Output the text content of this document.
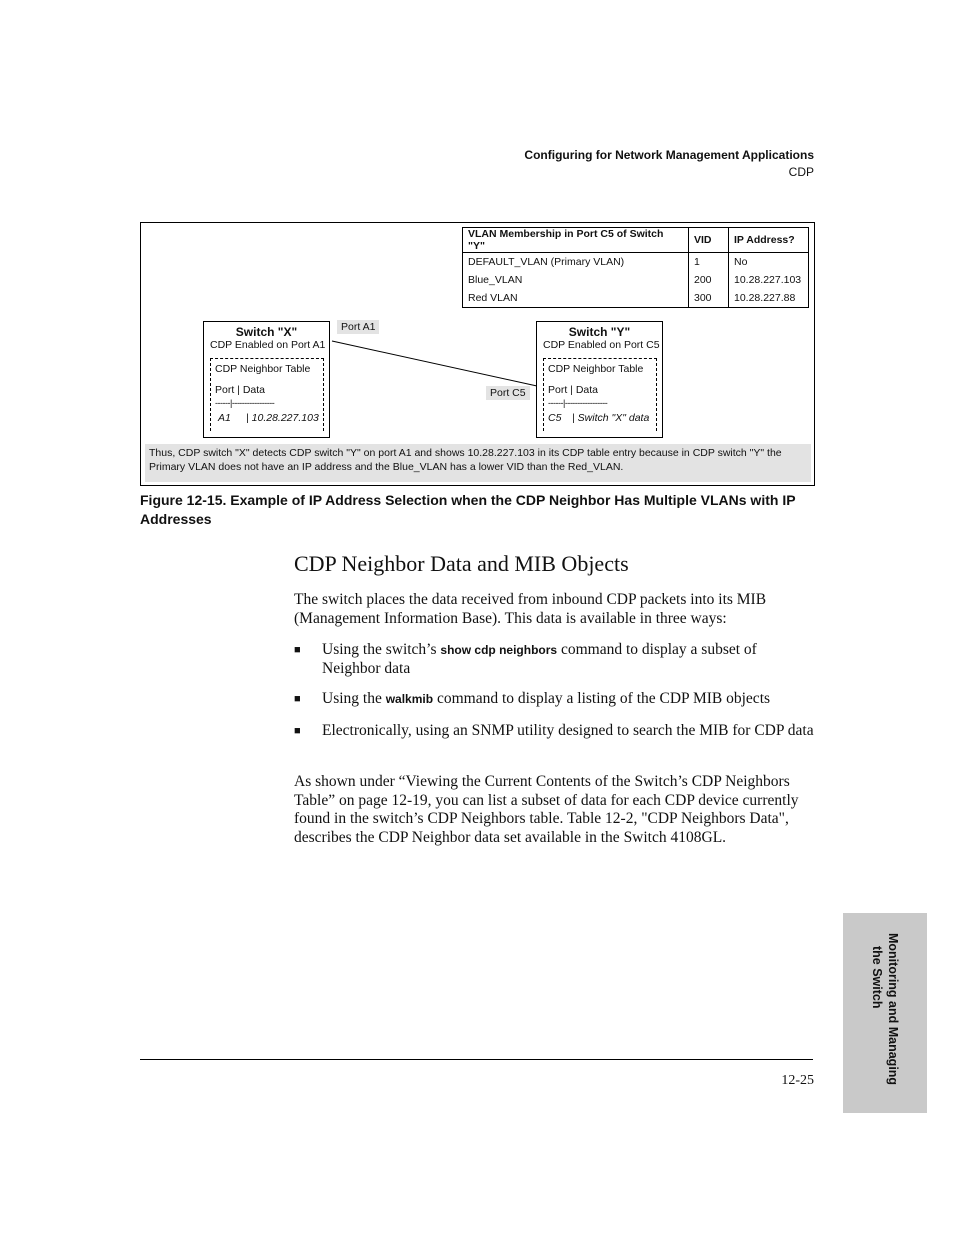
Configuring for Network Management Applications
CDP
VLAN Membership in Port C5 of Switch "Y"	VID	IP Address?
DEFAULT_VLAN (Primary VLAN)	1	No
Blue_VLAN	200	10.28.227.103
Red VLAN	300	10.28.227.88
Switch "X"
CDP Enabled on Port A1
CDP Neighbor Table
Port | Data
------|-----------------
A1 | 10.28.227.103
Switch "Y"
CDP Enabled on Port C5
CDP Neighbor Table
Port | Data
------|-----------------
C5 | Switch "X" data
Port A1
Port C5
Thus, CDP switch "X" detects CDP switch "Y" on port A1 and shows 10.28.227.103 in its CDP table entry because in CDP switch "Y" the Primary VLAN does not have an IP address and the Blue_VLAN has a lower VID than the Red_VLAN.
Figure 12-15. Example of IP Address Selection when the CDP Neighbor Has Multiple VLANs with IP Addresses
CDP Neighbor Data and MIB Objects
The switch places the data received from inbound CDP packets into its MIB (Management Information Base). This data is available in three ways:
■ Using the switch’s show cdp neighbors command to display a subset of Neighbor data
■ Using the walkmib command to display a listing of the CDP MIB objects
■ Electronically, using an SNMP utility designed to search the MIB for CDP data
As shown under “Viewing the Current Contents of the Switch’s CDP Neighbors Table” on page 12-19, you can list a subset of data for each CDP device currently found in the switch’s CDP Neighbors table. Table 12-2, "CDP Neighbors Data", describes the CDP Neighbor data set available in the Switch 4108GL.
12-25	Monitoring and Managing
the Switch
